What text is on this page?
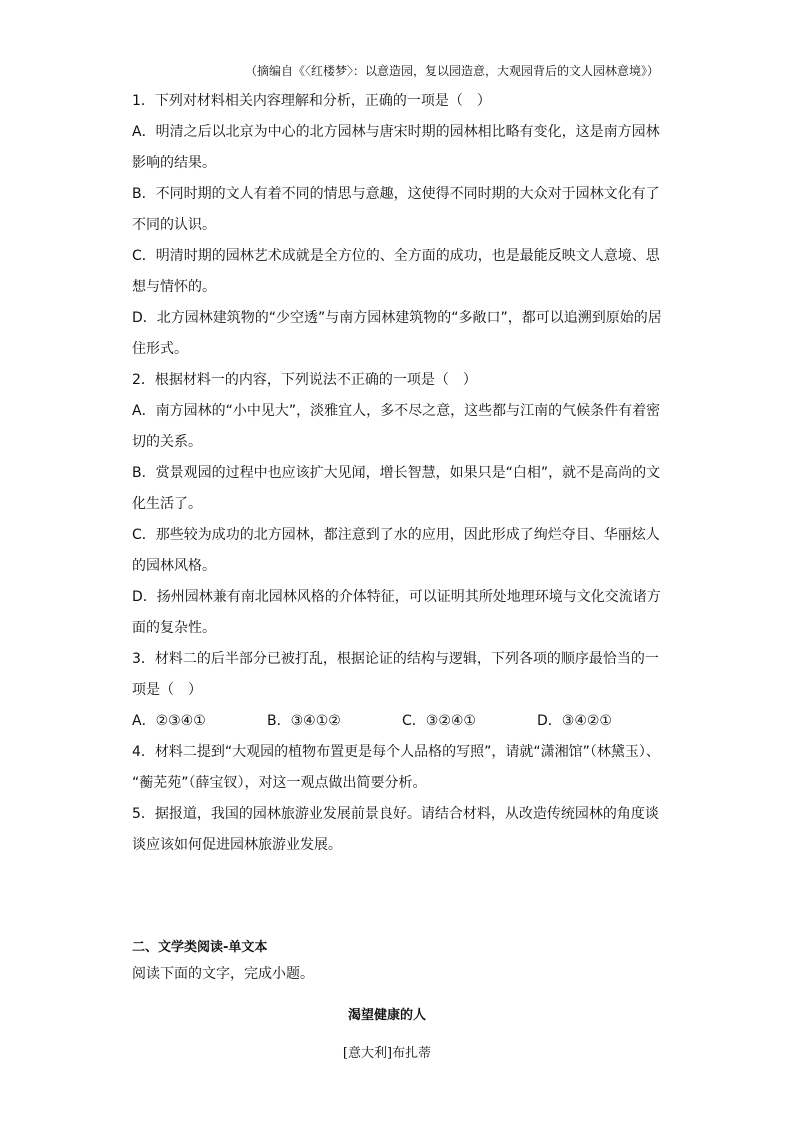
（摘编自《〈红楼梦〉：以意造园，复以园造意，大观园背后的文人园林意境》）
1．下列对材料相关内容理解和分析，正确的一项是（　）
A．明清之后以北京为中心的北方园林与唐宋时期的园林相比略有变化，这是南方园林
影响的结果。
B．不同时期的文人有着不同的情思与意趣，这使得不同时期的大众对于园林文化有了
不同的认识。
C．明清时期的园林艺术成就是全方位的、全方面的成功，也是最能反映文人意境、思
想与情怀的。
D．北方园林建筑物的“少空透”与南方园林建筑物的“多敞口”，都可以追溯到原始的居
住形式。
2．根据材料一的内容，下列说法不正确的一项是（　）
A．南方园林的“小中见大”，淡雅宜人，多不尽之意，这些都与江南的气候条件有着密
切的关系。
B．赏景观园的过程中也应该扩大见闻，增长智慧，如果只是“白相”，就不是高尚的文
化生活了。
C．那些较为成功的北方园林，都注意到了水的应用，因此形成了绚烂夺目、华丽炫人
的园林风格。
D．扬州园林兼有南北园林风格的介体特征，可以证明其所处地理环境与文化交流诸方
面的复杂性。
3．材料二的后半部分已被打乱，根据论证的结构与逻辑，下列各项的顺序最恰当的一
项是（　）
A．②③④①	B．③④①②	C．③②④①	D．③④②①
4．材料二提到“大观园的植物布置更是每个人品格的写照”，请就“潇湘馆”（林黛玉）、
“蘅芜苑”（薛宝钗），对这一观点做出简要分析。
5．据报道，我国的园林旅游业发展前景良好。请结合材料，从改造传统园林的角度谈
谈应该如何促进园林旅游业发展。
二、文学类阅读-单文本
阅读下面的文字，完成小题。
渴望健康的人
[意大利]布扎蒂
